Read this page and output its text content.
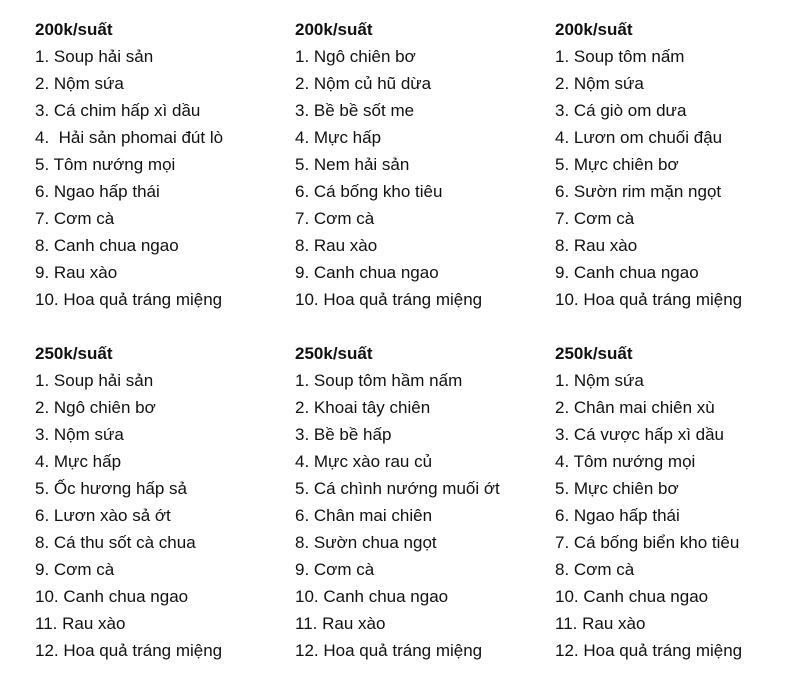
200k/suất
1. Soup hải sản
2. Nộm sứa
3. Cá chim hấp xì dầu
4.  Hải sản phomai đút lò
5. Tôm nướng mọi
6. Ngao hấp thái
7. Cơm cà
8. Canh chua ngao
9. Rau xào
10. Hoa quả tráng miệng
200k/suất
1. Ngô chiên bơ
2. Nộm củ hũ dừa
3. Bề bề sốt me
4. Mực hấp
5. Nem hải sản
6. Cá bống kho tiêu
7. Cơm cà
8. Rau xào
9. Canh chua ngao
10. Hoa quả tráng miệng
200k/suất
1. Soup tôm nấm
2. Nộm sứa
3. Cá giò om dưa
4. Lươn om chuối đậu
5. Mực chiên bơ
6. Sườn rim mặn ngọt
7. Cơm cà
8. Rau xào
9. Canh chua ngao
10. Hoa quả tráng miệng
250k/suất
1. Soup hải sản
2. Ngô chiên bơ
3. Nộm sứa
4. Mực hấp
5. Ốc hương hấp sả
6. Lươn xào sả ớt
8. Cá thu sốt cà chua
9. Cơm cà
10. Canh chua ngao
11. Rau xào
12. Hoa quả tráng miệng
250k/suất
1. Soup tôm hầm nấm
2. Khoai tây chiên
3. Bề bề hấp
4. Mực xào rau củ
5. Cá chình nướng muối ớt
6. Chân mai chiên
8. Sườn chua ngọt
9. Cơm cà
10. Canh chua ngao
11. Rau xào
12. Hoa quả tráng miệng
250k/suất
1. Nộm sứa
2. Chân mai chiên xù
3. Cá vược hấp xì dầu
4. Tôm nướng mọi
5. Mực chiên bơ
6. Ngao hấp thái
7. Cá bống biển kho tiêu
8. Cơm cà
10. Canh chua ngao
11. Rau xào
12. Hoa quả tráng miệng
